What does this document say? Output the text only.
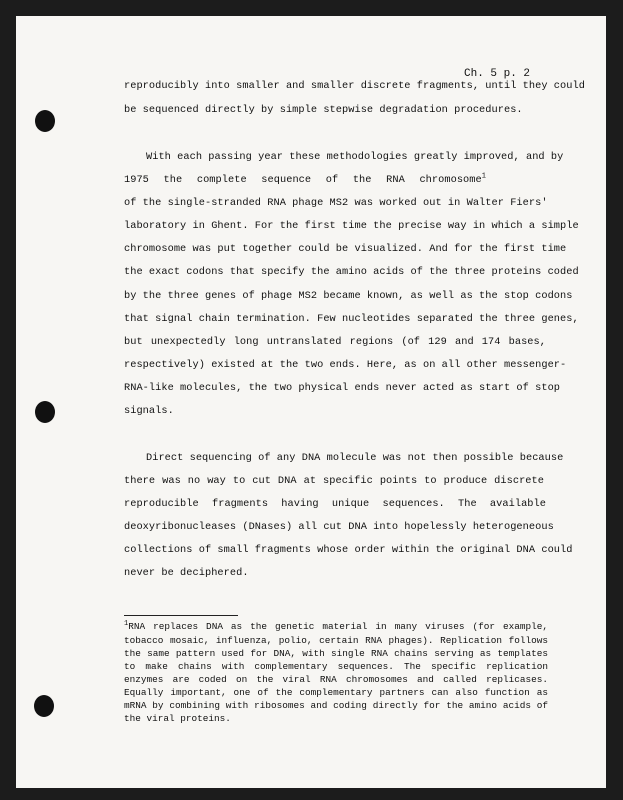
Ch. 5 p. 2
reproducibly into smaller and smaller discrete fragments, until they could
be sequenced directly by simple stepwise degradation procedures.
With each passing year these methodologies greatly improved, and by
1975 the complete sequence of the RNA chromosome$^1$
of the single-stranded RNA phage MS2 was worked out in Walter Fiers'
laboratory in Ghent. For the first time the precise way in which a simple
chromosome was put together could be visualized. And for the first time
the exact codons that specify the amino acids of the three proteins coded
by the three genes of phage MS2 became known, as well as the stop codons
that signal chain termination. Few nucleotides separated the three genes,
but unexpectedly long untranslated regions (of 129 and 174 bases,
respectively) existed at the two ends. Here, as on all other messenger-
RNA-like molecules, the two physical ends never acted as start of stop
signals.
Direct sequencing of any DNA molecule was not then possible because
there was no way to cut DNA at specific points to produce discrete
reproducible fragments having unique sequences. The available
deoxyribonucleases (DNases) all cut DNA into hopelessly heterogeneous
collections of small fragments whose order within the original DNA could
never be deciphered.
$^1$RNA replaces DNA as the genetic material in many viruses (for example,
tobacco mosaic, influenza, polio, certain RNA phages). Replication follows
the same pattern used for DNA, with single RNA chains serving as templates
to make chains with complementary sequences. The specific replication
enzymes are coded on the viral RNA chromosomes and called replicases.
Equally important, one of the complementary partners can also function as
mRNA by combining with ribosomes and coding directly for the amino acids of
the viral proteins.
